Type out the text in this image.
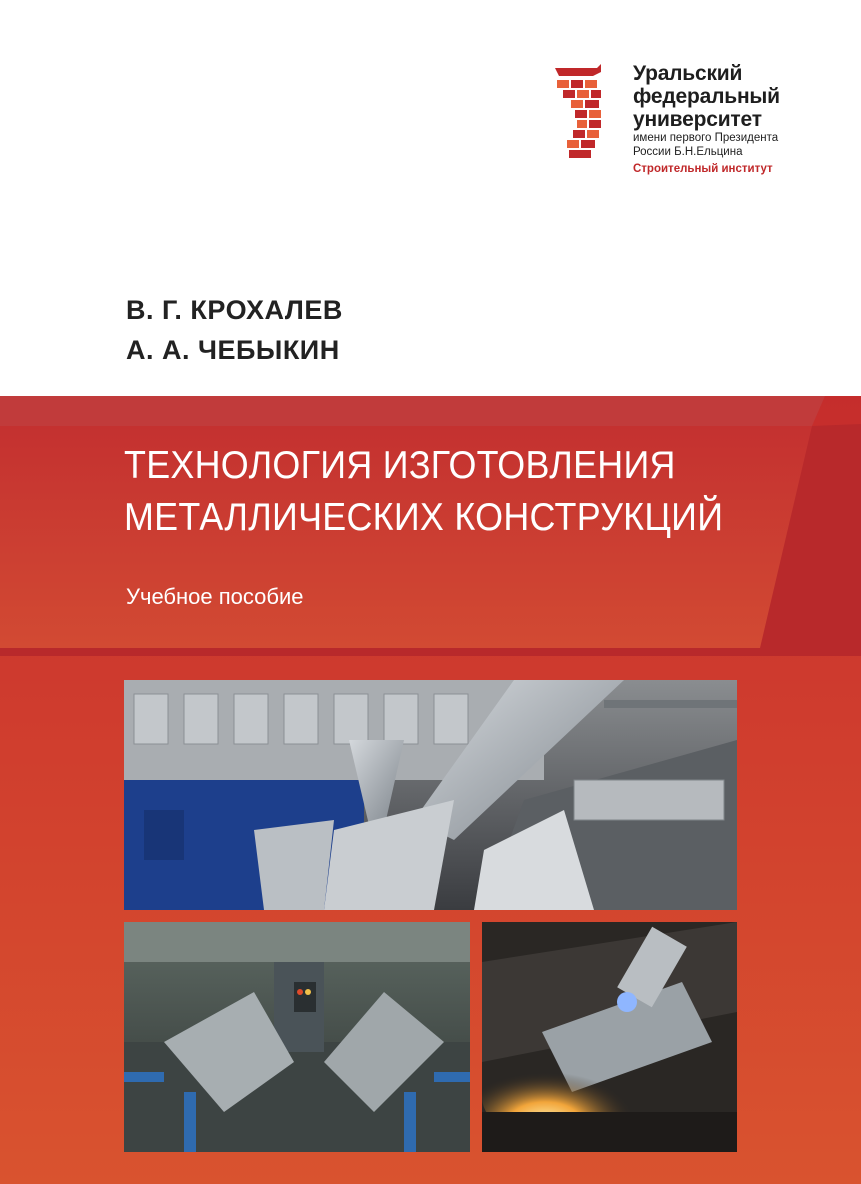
Уральский
федеральный
университет
имени первого Президента
России Б.Н.Ельцина
Строительный институт
В. Г. КРОХАЛЕВ
А. А. ЧЕБЫКИН
ТЕХНОЛОГИЯ ИЗГОТОВЛЕНИЯ
МЕТАЛЛИЧЕСКИХ КОНСТРУКЦИЙ
Учебное пособие
